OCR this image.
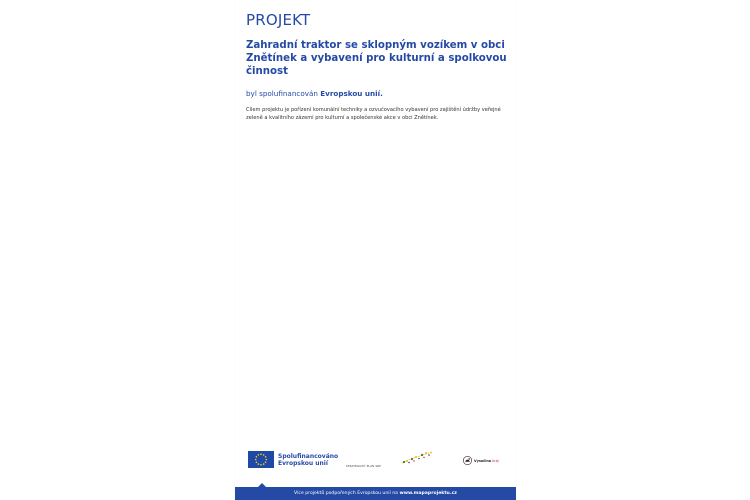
PROJEKT
Zahradní traktor se sklopným vozíkem v obci Znětínek a vybavení pro kulturní a spolkovou činnost

byl spolufinancován Evropskou unií.

Cílem projektu je pořízení komunální techniky a ozvučovacího vybavení pro zajištění údržby veřejné zeleně a kvalitního zázemí pro kulturní a společenské akce v obci Znětínek.

Spolufinancováno
Evropskou unií	STRATEGICKÝ PLÁN SRP
Vysočina kraj
Více projektů podpořených Evropskou unií na www.mapaprojektu.cz
